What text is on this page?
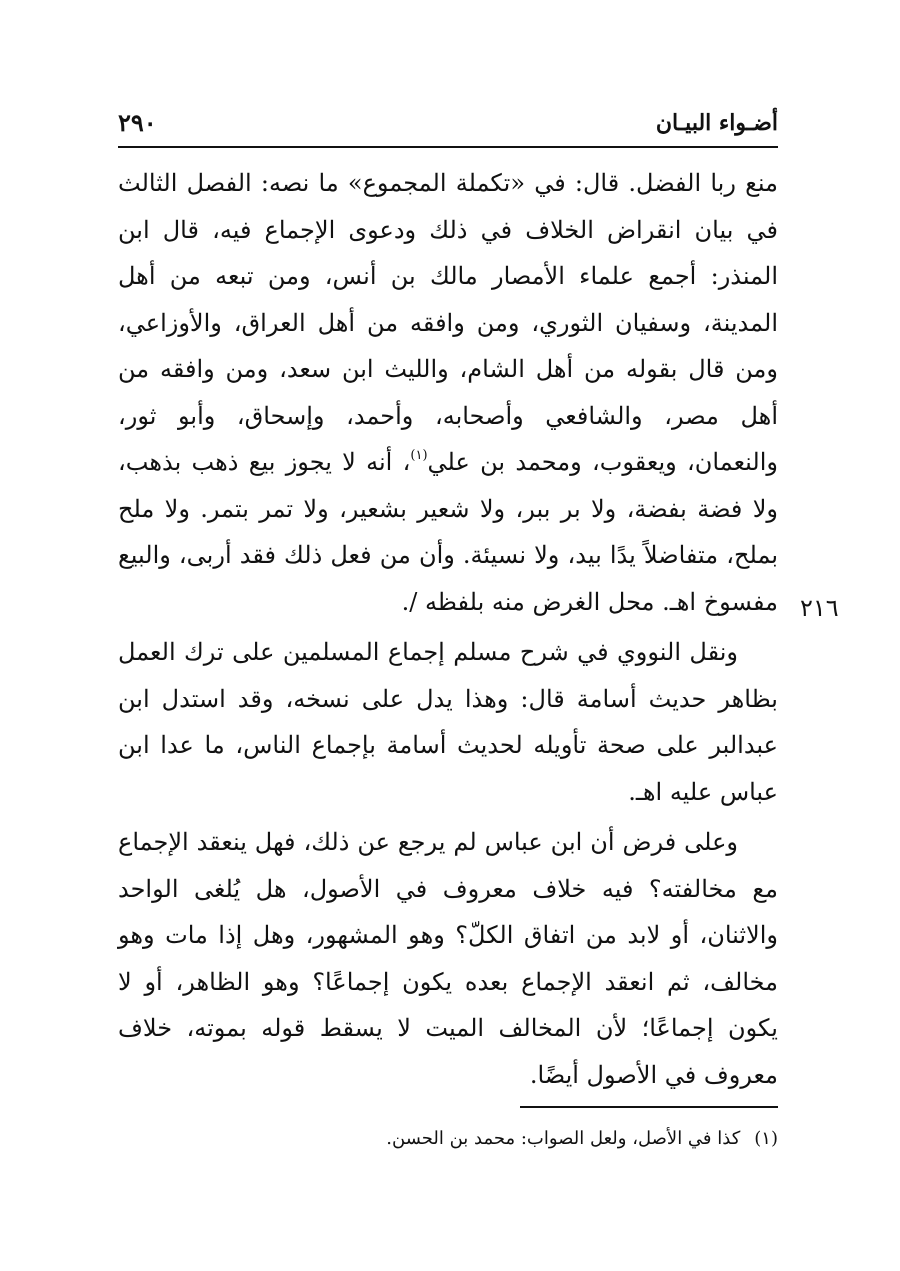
أضـواء البيـان
٢٩٠

منع ربا الفضل. قال: في «تكملة المجموع» ما نصه: الفصل الثالث في بيان انقراض الخلاف في ذلك ودعوى الإجماع فيه، قال ابن المنذر: أجمع علماء الأمصار مالك بن أنس، ومن تبعه من أهل المدينة، وسفيان الثوري، ومن وافقه من أهل العراق، والأوزاعي، ومن قال بقوله من أهل الشام، والليث ابن سعد، ومن وافقه من أهل مصر، والشافعي وأصحابه، وأحمد، وإسحاق، وأبو ثور، والنعمان، ويعقوب، ومحمد بن علي$^{(١)}$، أنه لا يجوز بيع ذهب بذهب، ولا فضة بفضة، ولا بر ببر، ولا شعير بشعير، ولا تمر بتمر. ولا ملح بملح، متفاضلاً يدًا بيد، ولا نسيئة. وأن من فعل ذلك فقد أربى، والبيع مفسوخ اهـ. محل الغرض منه بلفظه /.

ونقل النووي في شرح مسلم إجماع المسلمين على ترك العمل بظاهر حديث أسامة قال: وهذا يدل على نسخه، وقد استدل ابن عبدالبر على صحة تأويله لحديث أسامة بإجماع الناس، ما عدا ابن عباس عليه اهـ.

وعلى فرض أن ابن عباس لم يرجع عن ذلك، فهل ينعقد الإجماع مع مخالفته؟ فيه خلاف معروف في الأصول، هل يُلغى الواحد والاثنان، أو لابد من اتفاق الكلّ؟ وهو المشهور، وهل إذا مات وهو مخالف، ثم انعقد الإجماع بعده يكون إجماعًا؟ وهو الظاهر، أو لا يكون إجماعًا؛ لأن المخالف الميت لا يسقط قوله بموته، خلاف معروف في الأصول أيضًا.

٢١٦
(١)كذا في الأصل، ولعل الصواب: محمد بن الحسن.
